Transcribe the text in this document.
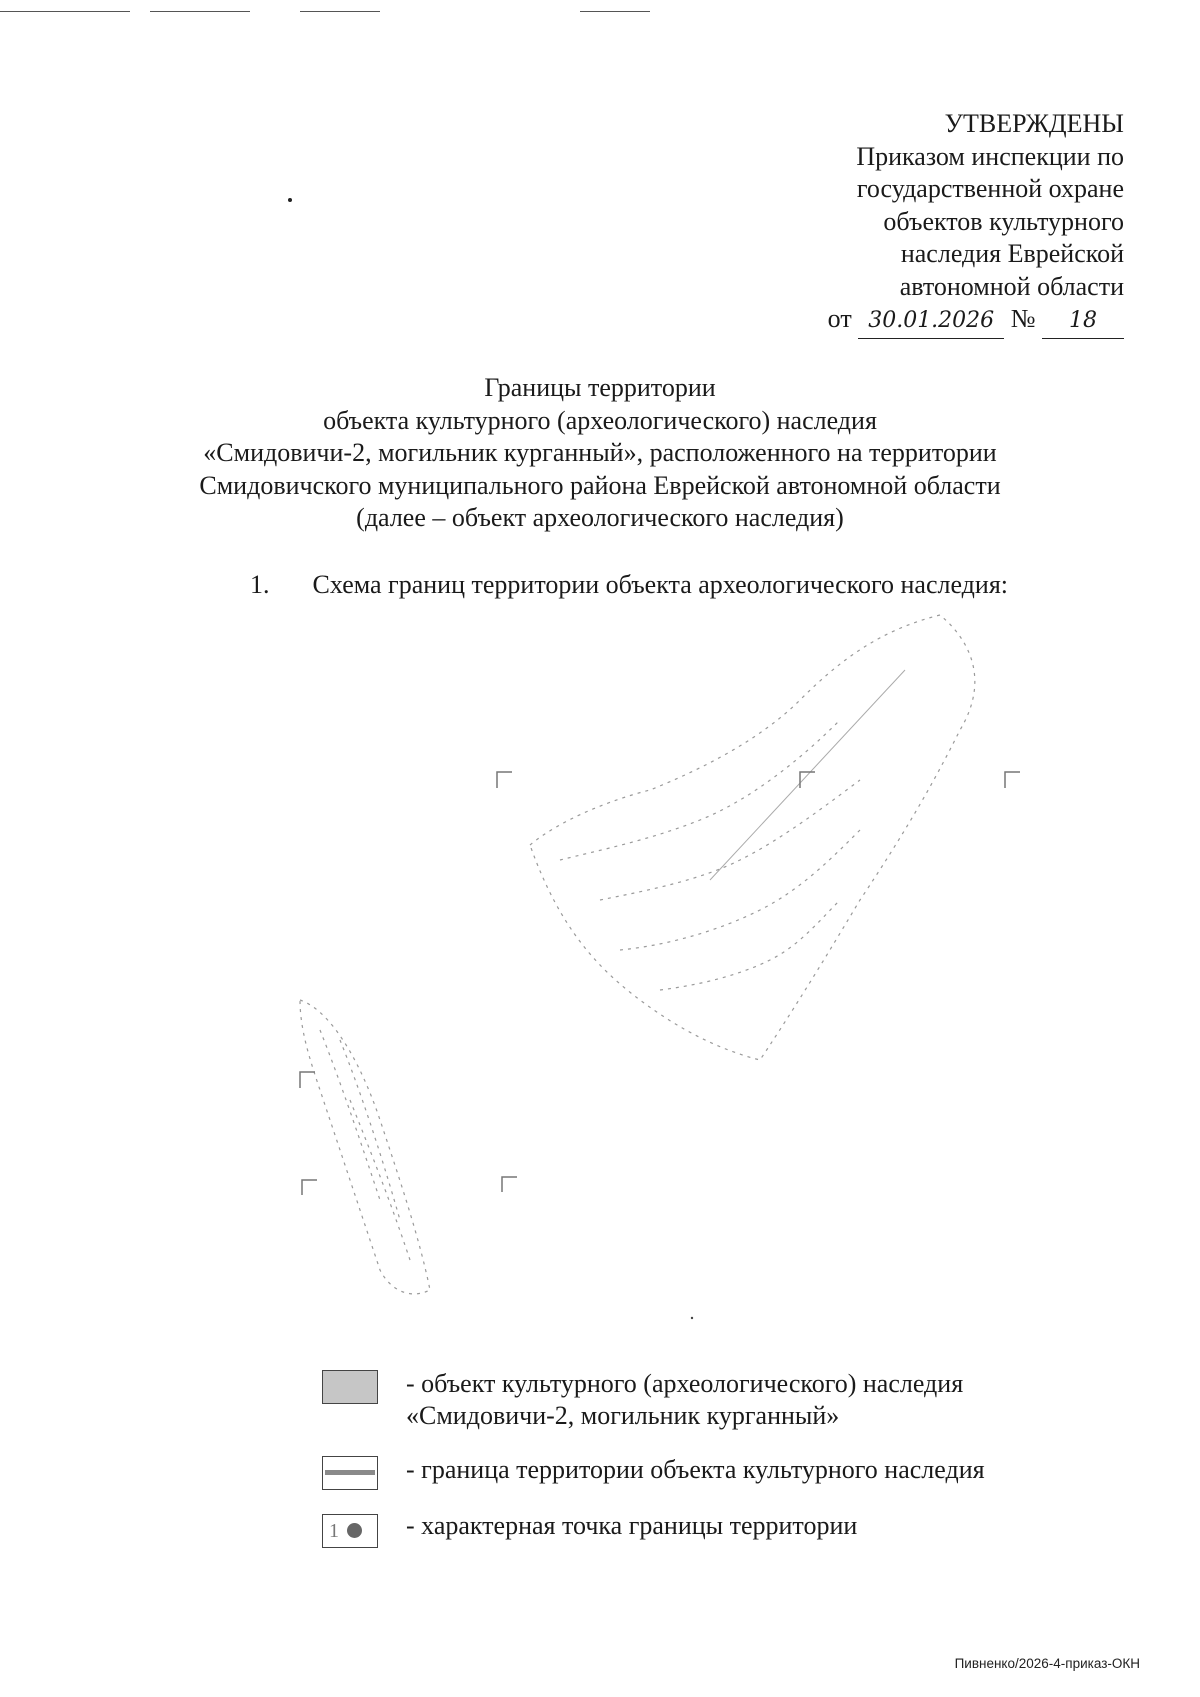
УТВЕРЖДЕНЫ
Приказом инспекции по
государственной охране
объектов культурного
наследия Еврейской
автономной области
от 30.01.2026 № 18
Границы территории
объекта культурного (археологического) наследия
«Смидовичи-2, могильник курганный», расположенного на территории
Смидовичского муниципального района Еврейской автономной области
(далее – объект археологического наследия)
1. Схема границ территории объекта археологического наследия:
- объект культурного (археологического) наследия
«Смидовичи-2, могильник курганный»
- граница территории объекта культурного наследия
1	- характерная точка границы территории
Пивненко/2026-4-приказ-ОКН
